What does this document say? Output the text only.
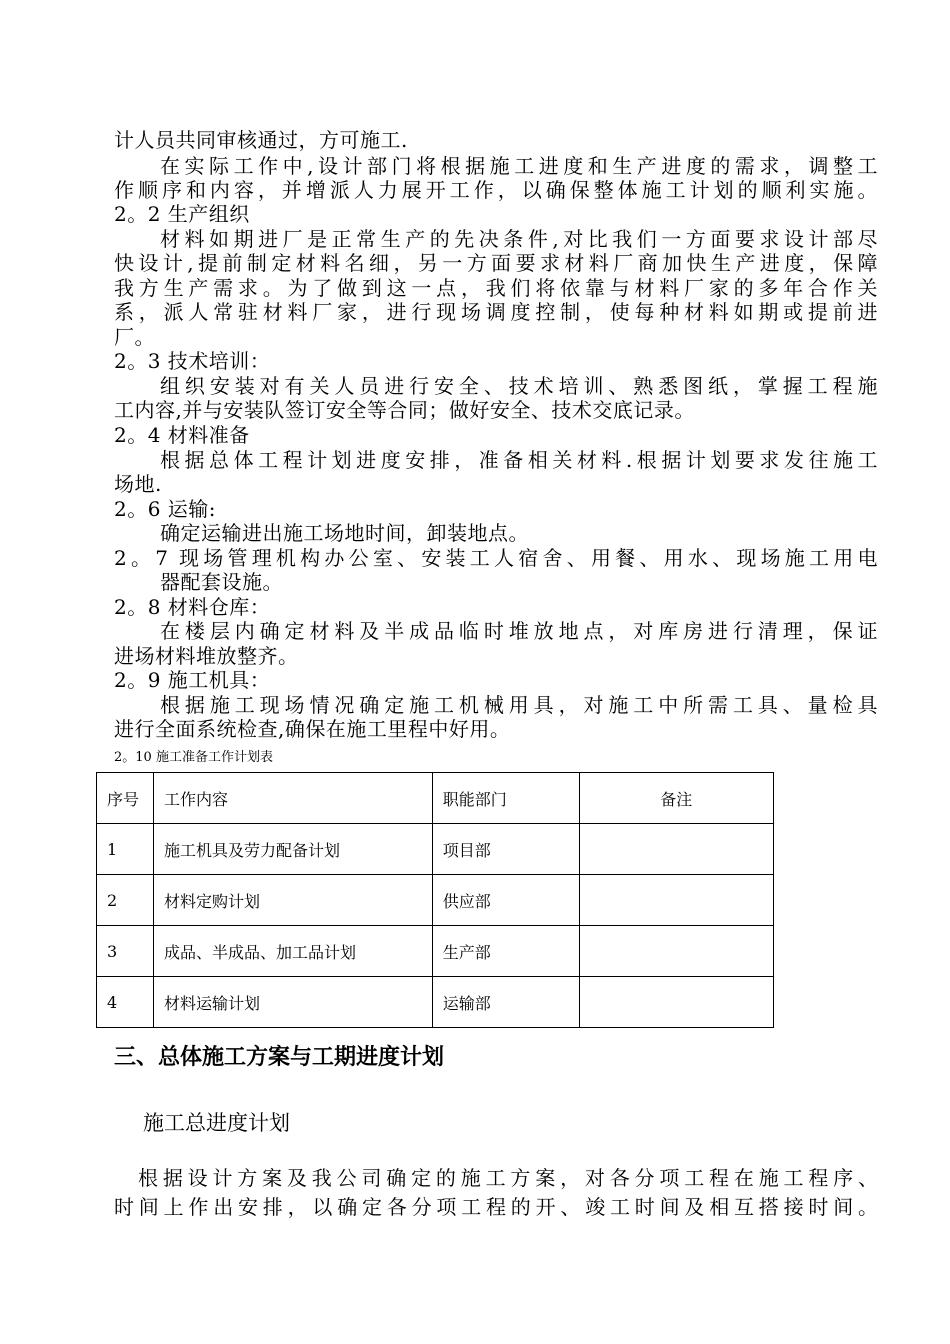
计人员共同审核通过，方可施工.
在实际工作中,设计部门将根据施工进度和生产进度的需求，调整工
作顺序和内容，并增派人力展开工作，以确保整体施工计划的顺利实施。
2。2 生产组织
材料如期进厂是正常生产的先决条件,对比我们一方面要求设计部尽
快设计,提前制定材料名细，另一方面要求材料厂商加快生产进度，保障
我方生产需求。为了做到这一点，我们将依靠与材料厂家的多年合作关
系，派人常驻材料厂家，进行现场调度控制，使每种材料如期或提前进
厂。
2。3 技术培训：
组织安装对有关人员进行安全、技术培训、熟悉图纸，掌握工程施
工内容,并与安装队签订安全等合同；做好安全、技术交底记录。
2。4 材料准备
根据总体工程计划进度安排，准备相关材料.根据计划要求发往施工
场地.
2。6 运输:
确定运输进出施工场地时间，卸装地点。
2。7 现场管理机构办公室、安装工人宿舍、用餐、用水、现场施工用电
器配套设施。
2。8 材料仓库：
在楼层内确定材料及半成品临时堆放地点，对库房进行清理，保证
进场材料堆放整齐。
2。9 施工机具：
根据施工现场情况确定施工机械用具，对施工中所需工具、量检具
进行全面系统检查,确保在施工里程中好用。
2。10 施工准备工作计划表
序号	工作内容	职能部门	备注
1	施工机具及劳力配备计划	项目部	
2	材料定购计划	供应部	
3	成品、半成品、加工品计划	生产部	
4	材料运输计划	运输部	
三、总体施工方案与工期进度计划
施工总进度计划
根据设计方案及我公司确定的施工方案，对各分项工程在施工程序、
时间上作出安排，以确定各分项工程的开、竣工时间及相互搭接时间。
